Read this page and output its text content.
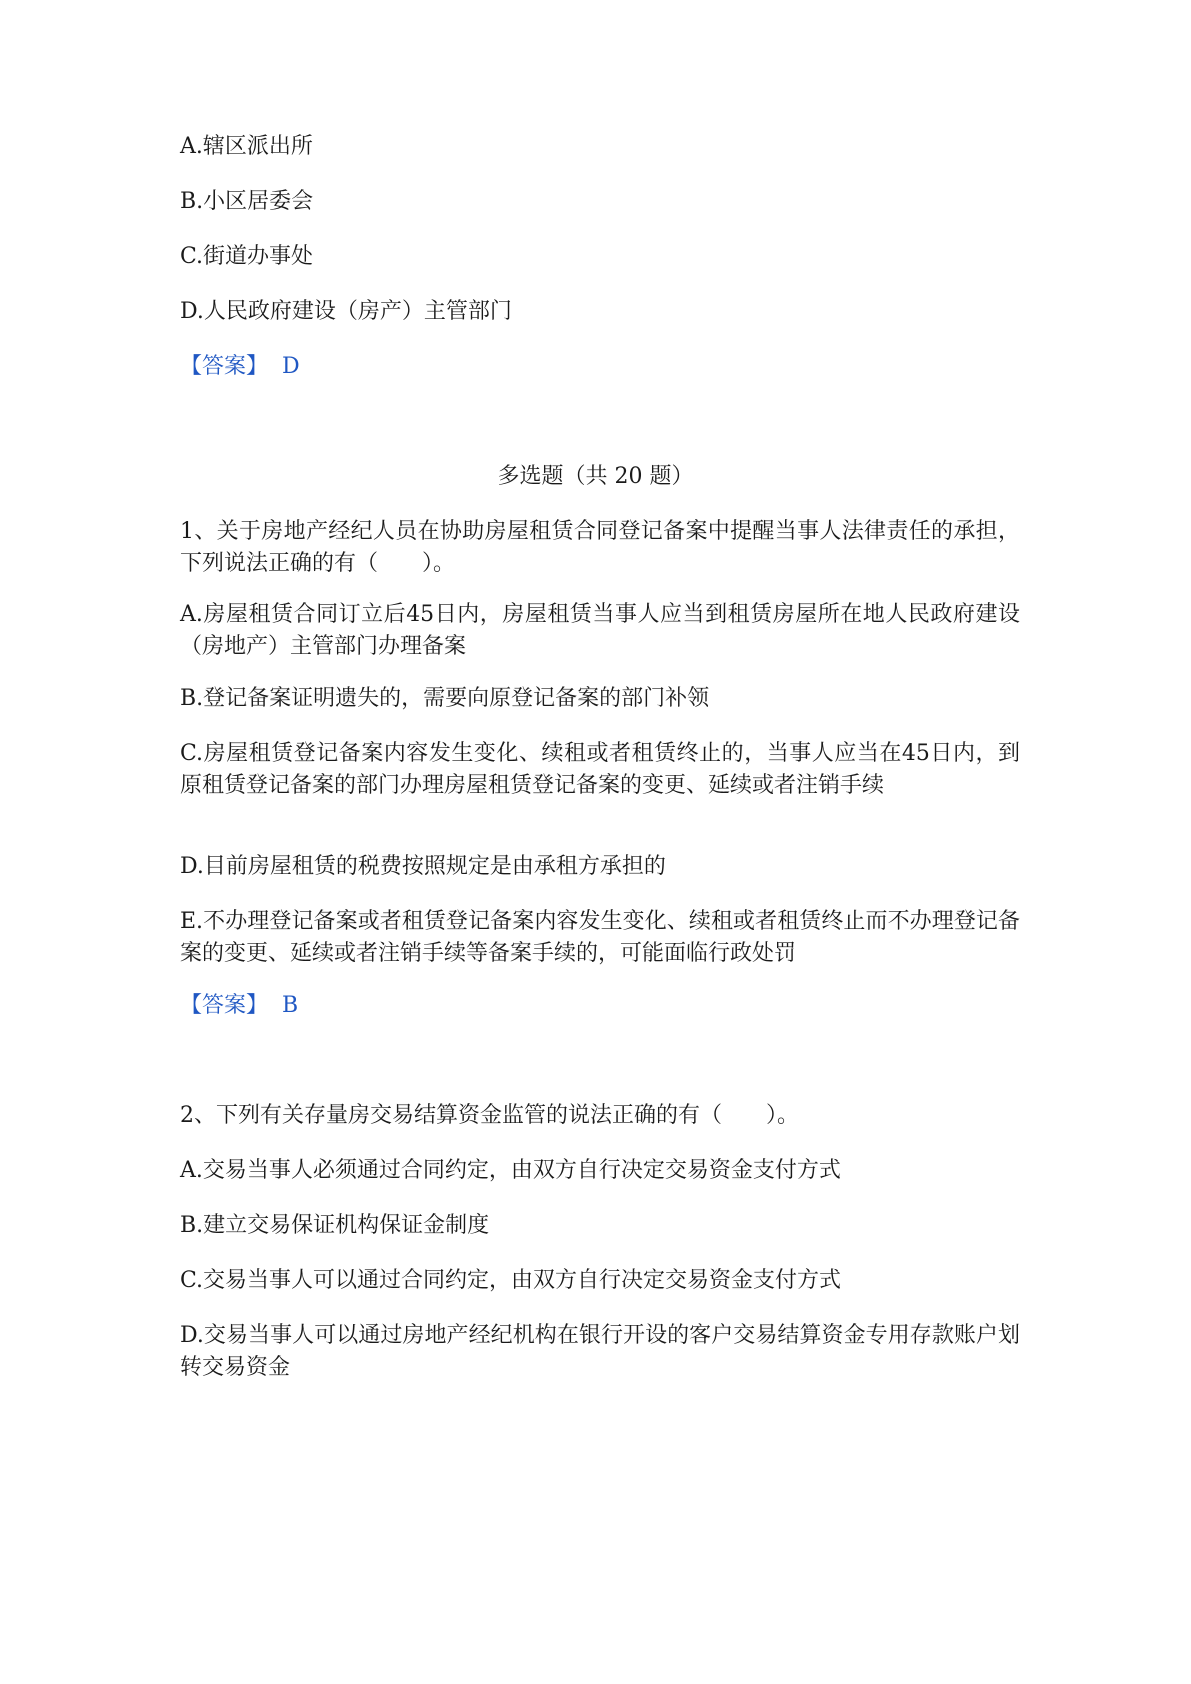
A.辖区派出所
B.小区居委会
C.街道办事处
D.人民政府建设（房产）主管部门
【答案】 D
多选题（共 20 题）
1、关于房地产经纪人员在协助房屋租赁合同登记备案中提醒当事人法律责任的承担，下列说法正确的有（　　）。
A.房屋租赁合同订立后45日内，房屋租赁当事人应当到租赁房屋所在地人民政府建设（房地产）主管部门办理备案
B.登记备案证明遗失的，需要向原登记备案的部门补领
C.房屋租赁登记备案内容发生变化、续租或者租赁终止的，当事人应当在45日内，到原租赁登记备案的部门办理房屋租赁登记备案的变更、延续或者注销手续
D.目前房屋租赁的税费按照规定是由承租方承担的
E.不办理登记备案或者租赁登记备案内容发生变化、续租或者租赁终止而不办理登记备案的变更、延续或者注销手续等备案手续的，可能面临行政处罚
【答案】 B
2、下列有关存量房交易结算资金监管的说法正确的有（　　）。
A.交易当事人必须通过合同约定，由双方自行决定交易资金支付方式
B.建立交易保证机构保证金制度
C.交易当事人可以通过合同约定，由双方自行决定交易资金支付方式
D.交易当事人可以通过房地产经纪机构在银行开设的客户交易结算资金专用存款账户划转交易资金
